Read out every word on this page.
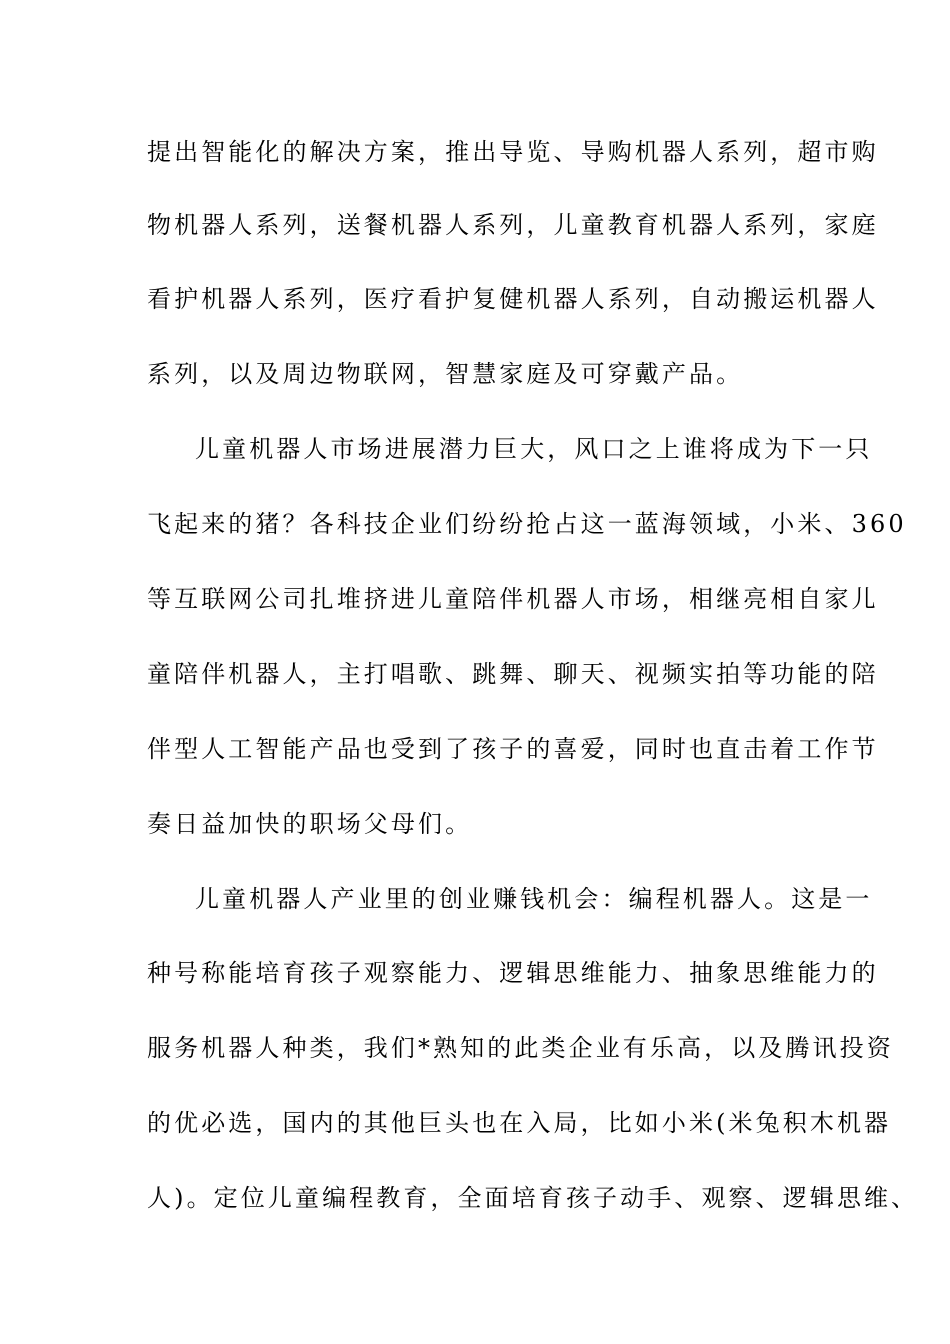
提出智能化的解决方案，推出导览、导购机器人系列，超市购
物机器人系列，送餐机器人系列，儿童教育机器人系列，家庭
看护机器人系列，医疗看护复健机器人系列，自动搬运机器人
系列，以及周边物联网，智慧家庭及可穿戴产品。
儿童机器人市场进展潜力巨大，风口之上谁将成为下一只
飞起来的猪？各科技企业们纷纷抢占这一蓝海领域，小米、360
等互联网公司扎堆挤进儿童陪伴机器人市场，相继亮相自家儿
童陪伴机器人，主打唱歌、跳舞、聊天、视频实拍等功能的陪
伴型人工智能产品也受到了孩子的喜爱，同时也直击着工作节
奏日益加快的职场父母们。
儿童机器人产业里的创业赚钱机会：编程机器人。这是一
种号称能培育孩子观察能力、逻辑思维能力、抽象思维能力的
服务机器人种类，我们*熟知的此类企业有乐高，以及腾讯投资
的优必选，国内的其他巨头也在入局，比如小米(米兔积木机器
人)。定位儿童编程教育，全面培育孩子动手、观察、逻辑思维、
